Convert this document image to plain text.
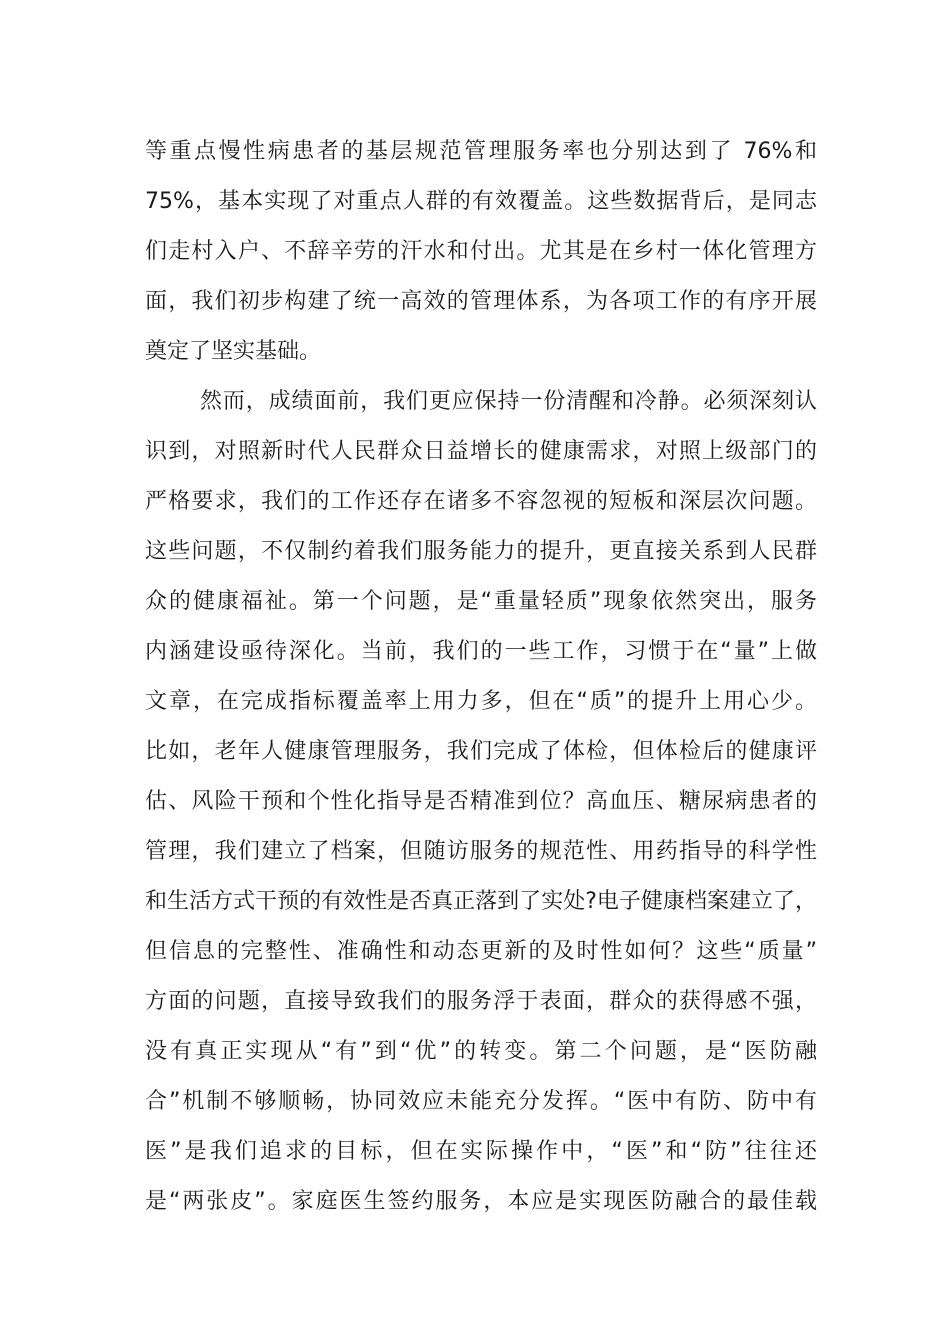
等重点慢性病患者的基层规范管理服务率也分别达到了 76%和
75%，基本实现了对重点人群的有效覆盖。这些数据背后，是同志
们走村入户、不辞辛劳的汗水和付出。尤其是在乡村一体化管理方
面，我们初步构建了统一高效的管理体系，为各项工作的有序开展
奠定了坚实基础。
然而，成绩面前，我们更应保持一份清醒和冷静。必须深刻认
识到，对照新时代人民群众日益增长的健康需求，对照上级部门的
严格要求，我们的工作还存在诸多不容忽视的短板和深层次问题。
这些问题，不仅制约着我们服务能力的提升，更直接关系到人民群
众的健康福祉。第一个问题，是“重量轻质”现象依然突出，服务
内涵建设亟待深化。当前，我们的一些工作，习惯于在“量”上做
文章，在完成指标覆盖率上用力多，但在“质”的提升上用心少。
比如，老年人健康管理服务，我们完成了体检，但体检后的健康评
估、风险干预和个性化指导是否精准到位？高血压、糖尿病患者的
管理，我们建立了档案，但随访服务的规范性、用药指导的科学性
和生活方式干预的有效性是否真正落到了实处?电子健康档案建立了，
但信息的完整性、准确性和动态更新的及时性如何？这些“质量”
方面的问题，直接导致我们的服务浮于表面，群众的获得感不强，
没有真正实现从“有”到“优”的转变。第二个问题，是“医防融
合”机制不够顺畅，协同效应未能充分发挥。“医中有防、防中有
医”是我们追求的目标，但在实际操作中，“医”和“防”往往还
是“两张皮”。家庭医生签约服务，本应是实现医防融合的最佳载
